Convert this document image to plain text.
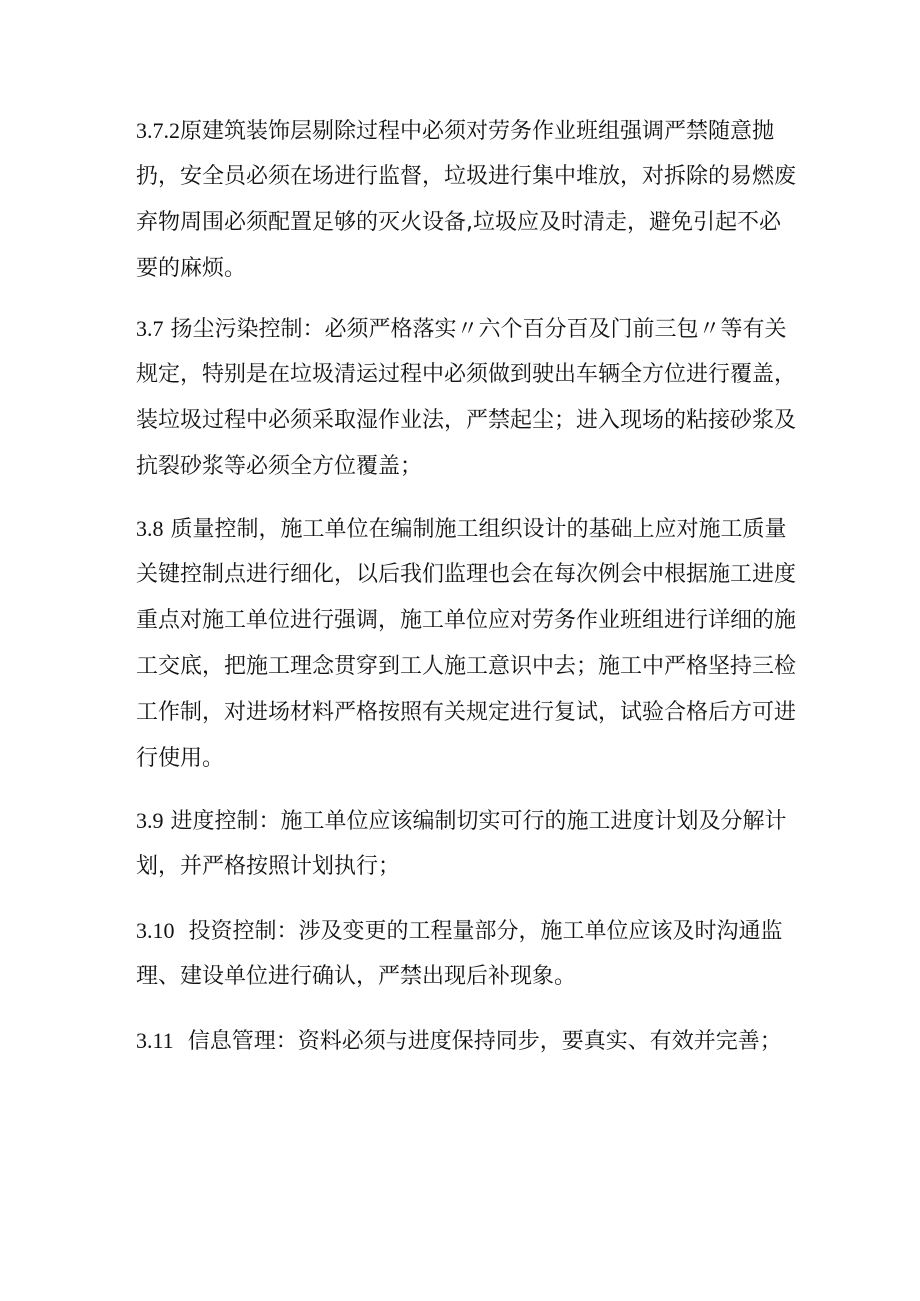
3.7.2原建筑装饰层剔除过程中必须对劳务作业班组强调严禁随意抛
扔，安全员必须在场进行监督，垃圾进行集中堆放，对拆除的易燃废
弃物周围必须配置足够的灭火设备,垃圾应及时清走，避免引起不必
要的麻烦。
3.7 扬尘污染控制：必须严格落实〃六个百分百及门前三包〃等有关
规定，特别是在垃圾清运过程中必须做到驶出车辆全方位进行覆盖，
装垃圾过程中必须采取湿作业法，严禁起尘；进入现场的粘接砂浆及
抗裂砂浆等必须全方位覆盖；
3.8 质量控制，施工单位在编制施工组织设计的基础上应对施工质量
关键控制点进行细化，以后我们监理也会在每次例会中根据施工进度
重点对施工单位进行强调，施工单位应对劳务作业班组进行详细的施
工交底，把施工理念贯穿到工人施工意识中去；施工中严格坚持三检
工作制，对进场材料严格按照有关规定进行复试，试验合格后方可进
行使用。
3.9 进度控制：施工单位应该编制切实可行的施工进度计划及分解计
划，并严格按照计划执行；
3.10 投资控制：涉及变更的工程量部分，施工单位应该及时沟通监
理、建设单位进行确认，严禁出现后补现象。
3.11 信息管理：资料必须与进度保持同步，要真实、有效并完善；
